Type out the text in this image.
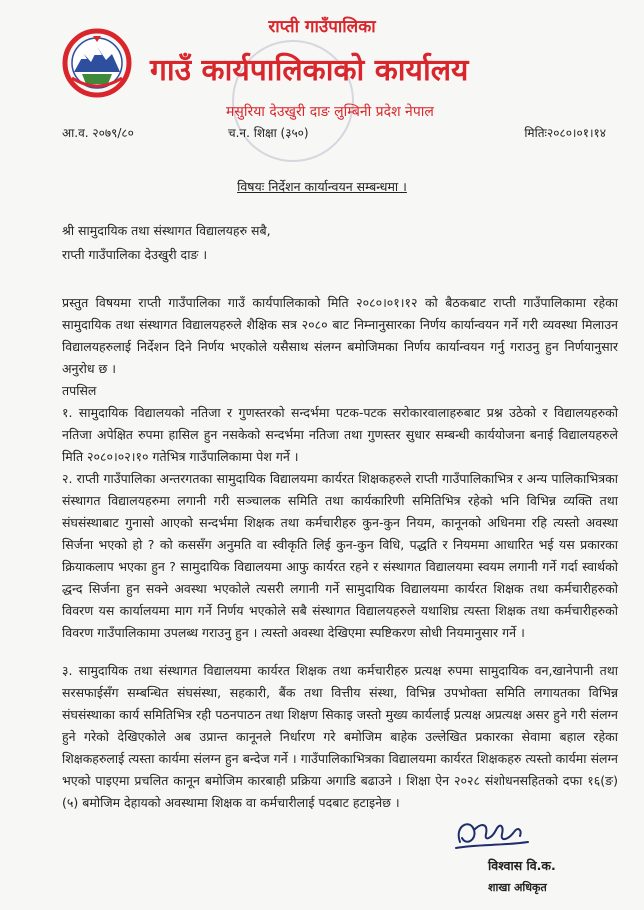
राप्ती गाउँपालिका
गाउँ कार्यपालिकाको कार्यालय
मसुरिया देउखुरी दाङ लुम्बिनी प्रदेश नेपाल
आ.व. २०७९/८०	च.न. शिक्षा (३५०)	मितिः२०८०।०१।१४
विषयः निर्देशन कार्यान्वयन सम्बन्धमा ।
श्री सामुदायिक तथा संस्थागत विद्यालयहरु सबै,
राप्ती गाउँपालिका देउखुरी दाङ ।

प्रस्तुत विषयमा राप्ती गाउँपालिका गाउँ कार्यपालिकाको मिति २०८०।०१।१२ को बैठकबाट राप्ती गाउँपालिकामा रहेका सामुदायिक तथा संस्थागत विद्यालयहरुले शैक्षिक सत्र २०८० बाट निम्नानुसारका निर्णय कार्यान्वयन गर्ने गरी व्यवस्था मिलाउन विद्यालयहरुलाई निर्देशन दिने निर्णय भएकोले यसैसाथ संलग्न बमोजिमका निर्णय कार्यान्वयन गर्नु गराउनु हुन निर्णयानुसार अनुरोध छ ।

तपसिल

१. सामुदायिक विद्यालयको नतिजा र गुणस्तरको सन्दर्भमा पटक-पटक सरोकारवालाहरुबाट प्रश्न उठेको र विद्यालयहरुको नतिजा अपेक्षित रुपमा हासिल हुन नसकेको सन्दर्भमा नतिजा तथा गुणस्तर सुधार सम्बन्धी कार्ययोजना बनाई विद्यालयहरुले मिति २०८०।०२।१० गतेभित्र गाउँपालिकामा पेश गर्ने ।

२. राप्ती गाउँपालिका अन्तरगतका सामुदायिक विद्यालयमा कार्यरत शिक्षकहरुले राप्ती गाउँपालिकाभित्र र अन्य पालिकाभित्रका संस्थागत विद्यालयहरुमा लगानी गरी सञ्चालक समिति तथा कार्यकारिणी समितिभित्र रहेको भनि विभिन्न व्यक्ति तथा संघसंस्थाबाट गुनासो आएको सन्दर्भमा शिक्षक तथा कर्मचारीहरु कुन-कुन नियम, कानूनको अधिनमा रहि त्यस्तो अवस्था सिर्जना भएको हो ? को कससँग अनुमति वा स्वीकृति लिई कुन-कुन विधि, पद्धति र नियममा आधारित भई यस प्रकारका क्रियाकलाप भएका हुन ? सामुदायिक विद्यालयमा आफु कार्यरत रहने र संस्थागत विद्यालयमा स्वयम लगानी गर्ने गर्दा स्वार्थको द्धन्द सिर्जना हुन सक्ने अवस्था भएकोले त्यसरी लगानी गर्ने सामुदायिक विद्यालयमा कार्यरत शिक्षक तथा कर्मचारीहरुको विवरण यस कार्यालयमा माग गर्ने निर्णय भएकोले सबै संस्थागत विद्यालयहरुले यथाशिघ्र त्यस्ता शिक्षक तथा कर्मचारीहरुको विवरण गाउँपालिकामा उपलब्ध गराउनु हुन । त्यस्तो अवस्था देखिएमा स्पष्टिकरण सोधी नियमानुसार गर्ने ।

३. सामुदायिक तथा संस्थागत विद्यालयमा कार्यरत शिक्षक तथा कर्मचारीहरु प्रत्यक्ष रुपमा सामुदायिक वन,खानेपानी तथा सरसफाईसँग सम्बन्धित संघसंस्था, सहकारी, बैंक तथा वित्तीय संस्था, विभिन्न उपभोक्ता समिति लगायतका विभिन्न संघसंस्थाका कार्य समितिभित्र रही पठनपाठन तथा शिक्षण सिकाइ जस्तो मुख्य कार्यलाई प्रत्यक्ष अप्रत्यक्ष असर हुने गरी संलग्न हुने गरेको देखिएकोले अब उप्रान्त कानूनले निर्धारण गरे बमोजिम बाहेक उल्लेखित प्रकारका सेवामा बहाल रहेका शिक्षकहरुलाई त्यस्ता कार्यमा संलग्न हुन बन्देज गर्ने । गाउँपालिकाभित्रका विद्यालयमा कार्यरत शिक्षकहरु त्यस्तो कार्यमा संलग्न भएको पाइएमा प्रचलित कानून बमोजिम कारबाही प्रक्रिया अगाडि बढाउने । शिक्षा ऐन २०२८ संशोधनसहितको दफा १६(ङ)(५) बमोजिम देहायको अवस्थामा शिक्षक वा कर्मचारीलाई पदबाट हटाइनेछ ।

विश्वास वि.क.
शाखा अधिकृत
